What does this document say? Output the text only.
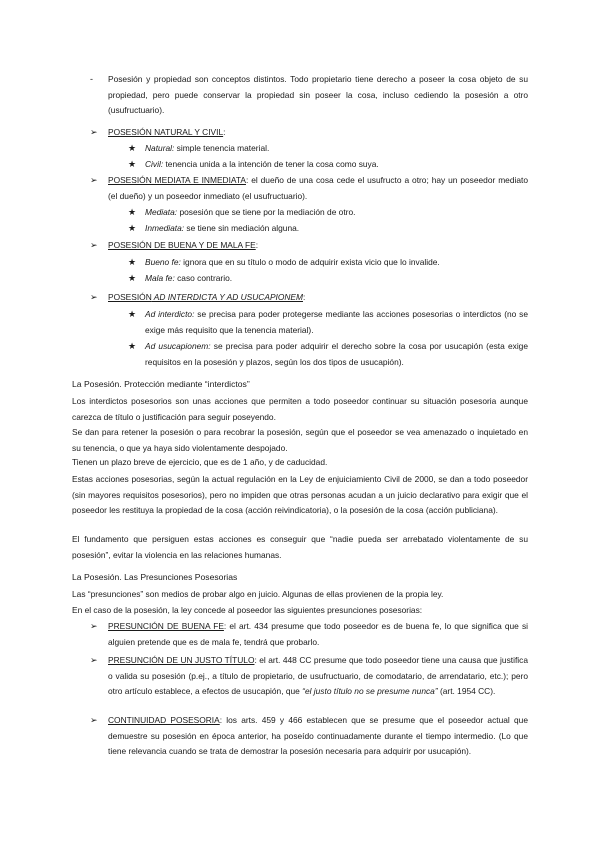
- Posesión y propiedad son conceptos distintos. Todo propietario tiene derecho a poseer la cosa objeto de su propiedad, pero puede conservar la propiedad sin poseer la cosa, incluso cediendo la posesión a otro (usufructuario).
➢ POSESIÓN NATURAL Y CIVIL:
★ Natural: simple tenencia material.
★ Civil: tenencia unida a la intención de tener la cosa como suya.
➢ POSESIÓN MEDIATA E INMEDIATA: el dueño de una cosa cede el usufructo a otro; hay un poseedor mediato (el dueño) y un poseedor inmediato (el usufructuario).
★ Mediata: posesión que se tiene por la mediación de otro.
★ Inmediata: se tiene sin mediación alguna.
➢ POSESIÓN DE BUENA Y DE MALA FE:
★ Bueno fe: ignora que en su título o modo de adquirir exista vicio que lo invalide.
★ Mala fe: caso contrario.
➢ POSESIÓN AD INTERDICTA Y AD USUCAPIONEM:
★ Ad interdicto: se precisa para poder protegerse mediante las acciones posesorias o interdictos (no se exige más requisito que la tenencia material).
★ Ad usucapionem: se precisa para poder adquirir el derecho sobre la cosa por usucapión (esta exige requisitos en la posesión y plazos, según los dos tipos de usucapión).
La Posesión. Protección mediante “interdictos”
Los interdictos posesorios son unas acciones que permiten a todo poseedor continuar su situación posesoria aunque carezca de título o justificación para seguir poseyendo.
Se dan para retener la posesión o para recobrar la posesión, según que el poseedor se vea amenazado o inquietado en su tenencia, o que ya haya sido violentamente despojado.
Tienen un plazo breve de ejercicio, que es de 1 año, y de caducidad.
Estas acciones posesorias, según la actual regulación en la Ley de enjuiciamiento Civil de 2000, se dan a todo poseedor (sin mayores requisitos posesorios), pero no impiden que otras personas acudan a un juicio declarativo para exigir que el poseedor les restituya la propiedad de la cosa (acción reivindicatoria), o la posesión de la cosa (acción publiciana).
El fundamento que persiguen estas acciones es conseguir que “nadie pueda ser arrebatado violentamente de su posesión”, evitar la violencia en las relaciones humanas.
La Posesión. Las Presunciones Posesorias
Las “presunciones” son medios de probar algo en juicio. Algunas de ellas provienen de la propia ley.
En el caso de la posesión, la ley concede al poseedor las siguientes presunciones posesorias:
➢ PRESUNCIÓN DE BUENA FE: el art. 434 presume que todo poseedor es de buena fe, lo que significa que si alguien pretende que es de mala fe, tendrá que probarlo.
➢ PRESUNCIÓN DE UN JUSTO TÍTULO: el art. 448 CC presume que todo poseedor tiene una causa que justifica o valida su posesión (p.ej., a título de propietario, de usufructuario, de comodatario, de arrendatario, etc.); pero otro artículo establece, a efectos de usucapión, que “el justo título no se presume nunca” (art. 1954 CC).
➢ CONTINUIDAD POSESORIA: los arts. 459 y 466 establecen que se presume que el poseedor actual que demuestre su posesión en época anterior, ha poseído continuadamente durante el tiempo intermedio. (Lo que tiene relevancia cuando se trata de demostrar la posesión necesaria para adquirir por usucapión).
